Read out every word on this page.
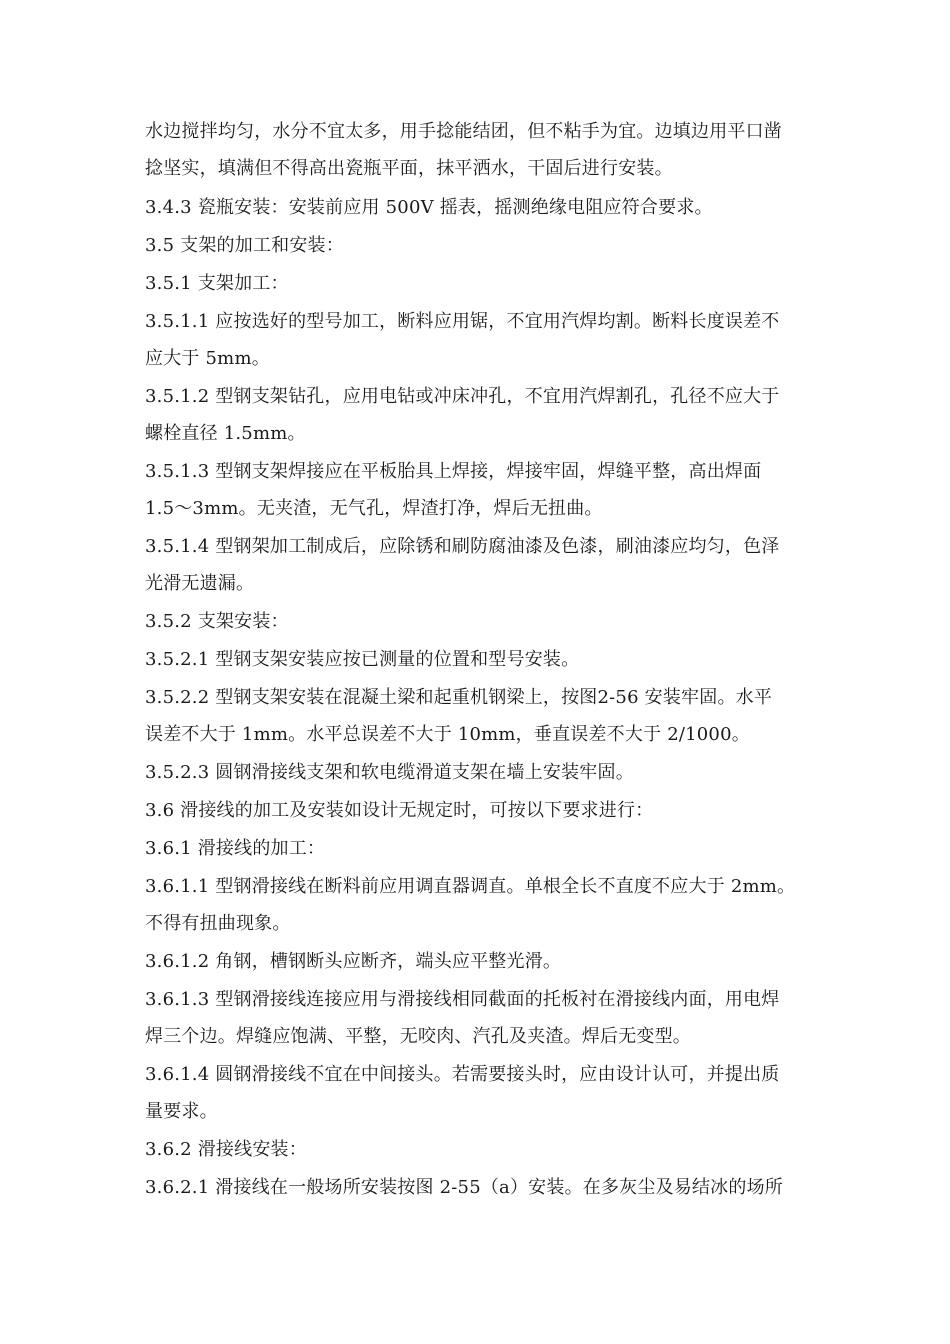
水边搅拌均匀，水分不宜太多，用手捻能结团，但不粘手为宜。边填边用平口凿
捻坚实，填满但不得高出瓷瓶平面，抹平洒水，干固后进行安装。
3.4.3 瓷瓶安装：安装前应用 500V 摇表，摇测绝缘电阻应符合要求。
3.5 支架的加工和安装：
3.5.1 支架加工：
3.5.1.1 应按选好的型号加工，断料应用锯，不宜用汽焊均割。断料长度误差不
应大于 5mm。
3.5.1.2 型钢支架钻孔，应用电钻或冲床冲孔，不宜用汽焊割孔，孔径不应大于
螺栓直径 1.5mm。
3.5.1.3 型钢支架焊接应在平板胎具上焊接，焊接牢固，焊缝平整，高出焊面
1.5～3mm。无夹渣，无气孔，焊渣打净，焊后无扭曲。
3.5.1.4 型钢架加工制成后，应除锈和刷防腐油漆及色漆，刷油漆应均匀，色泽
光滑无遗漏。
3.5.2 支架安装：
3.5.2.1 型钢支架安装应按已测量的位置和型号安装。
3.5.2.2 型钢支架安装在混凝土梁和起重机钢梁上，按图2-56 安装牢固。水平
误差不大于 1mm。水平总误差不大于 10mm，垂直误差不大于 2/1000。
3.5.2.3 圆钢滑接线支架和软电缆滑道支架在墙上安装牢固。
3.6 滑接线的加工及安装如设计无规定时，可按以下要求进行：
3.6.1 滑接线的加工：
3.6.1.1 型钢滑接线在断料前应用调直器调直。单根全长不直度不应大于 2mm。
不得有扭曲现象。
3.6.1.2 角钢，槽钢断头应断齐，端头应平整光滑。
3.6.1.3 型钢滑接线连接应用与滑接线相同截面的托板衬在滑接线内面，用电焊
焊三个边。焊缝应饱满、平整，无咬肉、汽孔及夹渣。焊后无变型。
3.6.1.4 圆钢滑接线不宜在中间接头。若需要接头时，应由设计认可，并提出质
量要求。
3.6.2 滑接线安装：
3.6.2.1 滑接线在一般场所安装按图 2-55（a）安装。在多灰尘及易结冰的场所
